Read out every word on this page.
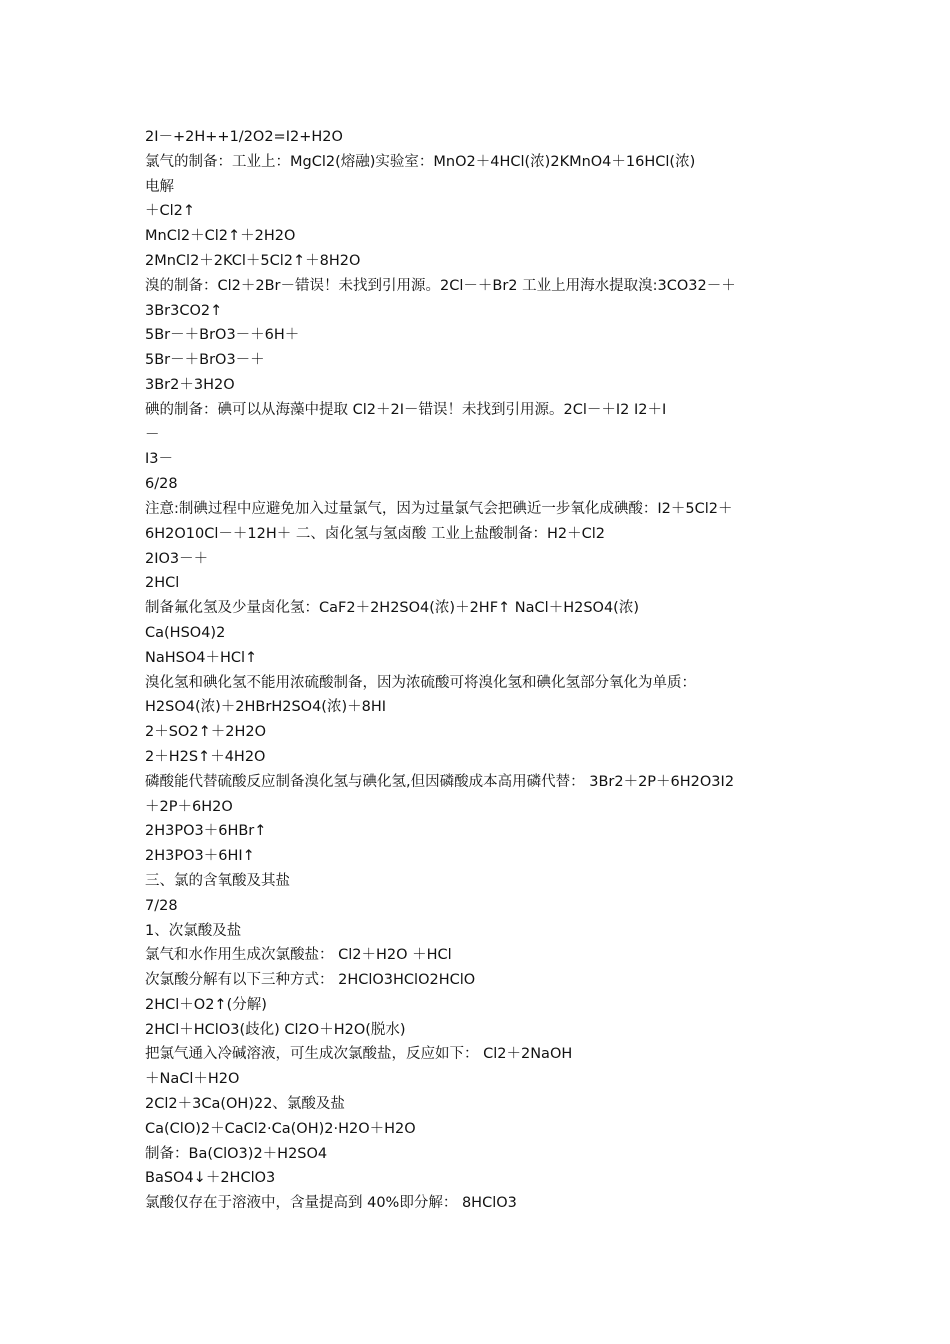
2I－+2H++1/2O2=I2+H2O
氯气的制备：工业上：MgCl2(熔融)实验室：MnO2＋4HCl(浓)2KMnO4＋16HCl(浓)
电解
＋Cl2↑
MnCl2＋Cl2↑＋2H2O
2MnCl2＋2KCl＋5Cl2↑＋8H2O
溴的制备：Cl2＋2Br－错误！未找到引用源。2Cl－＋Br2 工业上用海水提取溴:3CO32－＋
3Br3CO2↑
5Br－＋BrO3－＋6H＋
5Br－＋BrO3－＋
3Br2＋3H2O
碘的制备：碘可以从海藻中提取 Cl2＋2I－错误！未找到引用源。2Cl－＋I2 I2＋I
－
I3－
6/28
注意:制碘过程中应避免加入过量氯气，因为过量氯气会把碘近一步氧化成碘酸：I2＋5Cl2＋
6H2O10Cl－＋12H＋ 二、卤化氢与氢卤酸 工业上盐酸制备：H2＋Cl2
2IO3－＋
2HCl
制备氟化氢及少量卤化氢：CaF2＋2H2SO4(浓)＋2HF↑ NaCl＋H2SO4(浓)
Ca(HSO4)2
NaHSO4＋HCl↑
溴化氢和碘化氢不能用浓硫酸制备，因为浓硫酸可将溴化氢和碘化氢部分氧化为单质：
H2SO4(浓)＋2HBrH2SO4(浓)＋8HI
2＋SO2↑＋2H2O
2＋H2S↑＋4H2O
磷酸能代替硫酸反应制备溴化氢与碘化氢,但因磷酸成本高用磷代替： 3Br2＋2P＋6H2O3I2
＋2P＋6H2O
2H3PO3＋6HBr↑
2H3PO3＋6HI↑
三、氯的含氧酸及其盐
7/28
1、次氯酸及盐
氯气和水作用生成次氯酸盐： Cl2＋H2O ＋HCl
次氯酸分解有以下三种方式： 2HClO3HClO2HClO
2HCl＋O2↑(分解)
2HCl＋HClO3(歧化) Cl2O＋H2O(脱水)
把氯气通入冷碱溶液，可生成次氯酸盐，反应如下： Cl2＋2NaOH
＋NaCl＋H2O
2Cl2＋3Ca(OH)22、氯酸及盐
Ca(ClO)2＋CaCl2·Ca(OH)2·H2O＋H2O
制备：Ba(ClO3)2＋H2SO4
BaSO4↓＋2HClO3
氯酸仅存在于溶液中，含量提高到 40%即分解： 8HClO3
